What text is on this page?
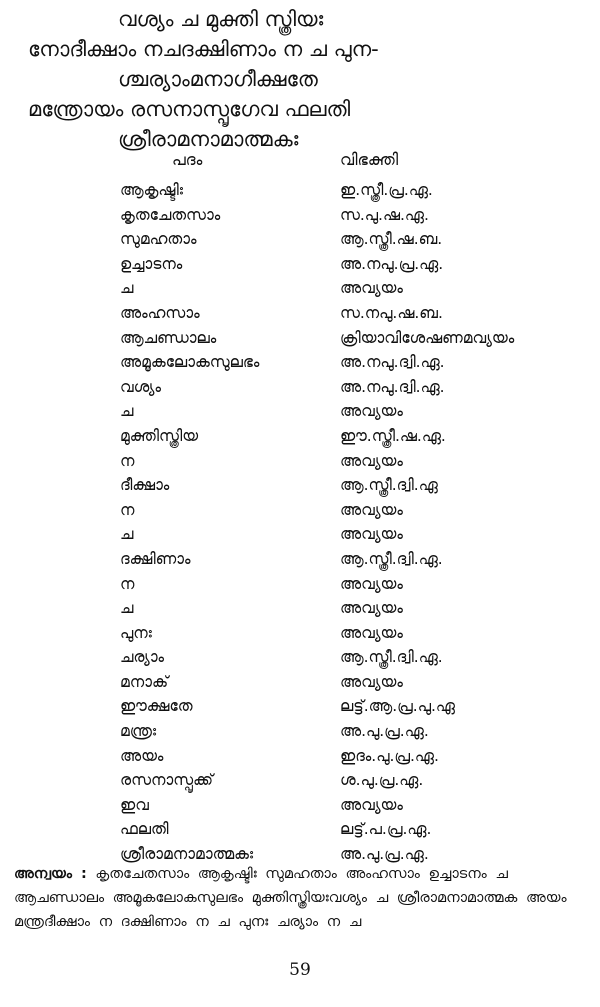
വശ്യം ച മുക്തി സ്ത്രിയഃ
നോദീക്ഷാം നചദക്ഷിണാം ന ച പുന-
ശ്ചര്യാംമനാഗീക്ഷതേ
മന്ത്രോയം രസനാസ്പൃഗേവ ഫലതി
ശ്രീരാമനാമാത്മകഃ
പദം	വിഭക്തി
ആകൃഷ്ടിഃ	ഇ.സ്ത്രീ.പ്ര.ഏ.
കൃതചേതസാം	സ.പു.ഷ.ഏ.
സുമഹതാം	ആ.സ്ത്രീ.ഷ.ബ.
ഉച്ചാടനം	അ.നപു.പ്ര.ഏ.
ച	അവ്യയം
അംഹസാം	സ.നപു.ഷ.ബ.
ആചണ്ഡാലം	ക്രിയാവിശേഷണമവ്യയം
അമൂകലോകസുലഭം	അ.നപു.ദ്വി.ഏ.
വശ്യം	അ.നപു.ദ്വി.ഏ.
ച	അവ്യയം
മുക്തിസ്ത്രിയ	ഈ.സ്ത്രീ.ഷ.ഏ.
ന	അവ്യയം
ദീക്ഷാം	ആ.സ്ത്രീ.ദ്വി.ഏ
ന	അവ്യയം
ച	അവ്യയം
ദക്ഷിണാം	ആ.സ്ത്രീ.ദ്വി.ഏ.
ന	അവ്യയം
ച	അവ്യയം
പുനഃ	അവ്യയം
ചര്യാം	ആ.സ്ത്രീ.ദ്വി.ഏ.
മനാക്	അവ്യയം
ഈക്ഷതേ	ലട്ട്.ആ.പ്ര.പു.ഏ
മന്ത്രഃ	അ.പു.പ്ര.ഏ.
അയം	ഇദം.പു.പ്ര.ഏ.
രസനാസ്പൃക്ക്	ശ.പു.പ്ര.ഏ.
ഇവ	അവ്യയം
ഫലതി	ലട്ട്.പ.പ്ര.ഏ.
ശ്രീരാമനാമാത്മകഃ	അ.പു.പ്ര.ഏ.
അന്വയം : കൃതചേതസാം ആകൃഷ്ടിഃ സുമഹതാം അംഹസാം ഉച്ചാടനം ച ആചണ്ഡാലം അമൂകലോകസുലഭം മുക്തിസ്ത്രിയഃവശ്യം ച ശ്രീരാമനാമാത്മക അയം മന്ത്രദീക്ഷാം ന ദക്ഷിണാം ന ച പുനഃ ചര്യാം ന ച
59
